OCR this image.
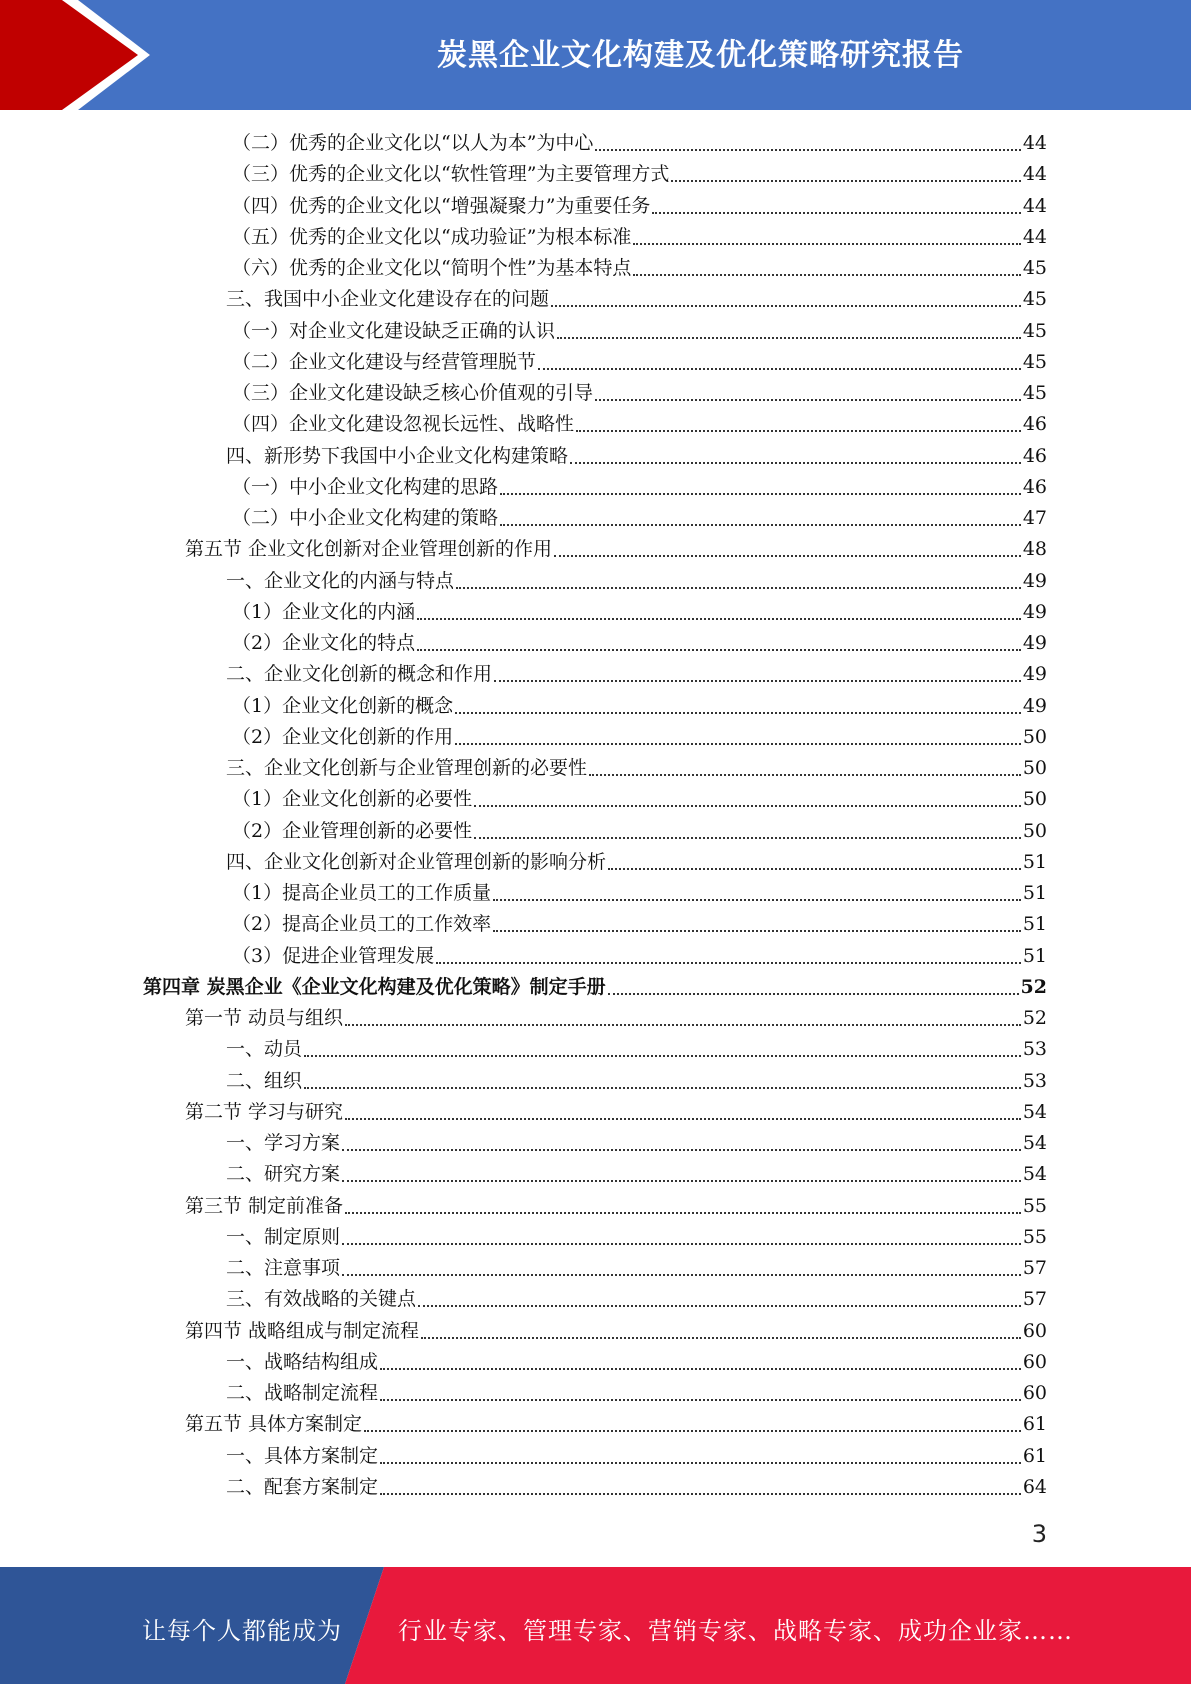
炭黑企业文化构建及优化策略研究报告
（二）优秀的企业文化以“以人为本”为中心	44
（三）优秀的企业文化以“软性管理”为主要管理方式	44
（四）优秀的企业文化以“增强凝聚力”为重要任务	44
（五）优秀的企业文化以“成功验证”为根本标准	44
（六）优秀的企业文化以“简明个性”为基本特点	45
三、我国中小企业文化建设存在的问题	45
（一）对企业文化建设缺乏正确的认识	45
（二）企业文化建设与经营管理脱节	45
（三）企业文化建设缺乏核心价值观的引导	45
（四）企业文化建设忽视长远性、战略性	46
四、新形势下我国中小企业文化构建策略	46
（一）中小企业文化构建的思路	46
（二）中小企业文化构建的策略	47
第五节 企业文化创新对企业管理创新的作用	48
一、企业文化的内涵与特点	49
（1）企业文化的内涵	49
（2）企业文化的特点	49
二、企业文化创新的概念和作用	49
（1）企业文化创新的概念	49
（2）企业文化创新的作用	50
三、企业文化创新与企业管理创新的必要性	50
（1）企业文化创新的必要性	50
（2）企业管理创新的必要性	50
四、企业文化创新对企业管理创新的影响分析	51
（1）提高企业员工的工作质量	51
（2）提高企业员工的工作效率	51
（3）促进企业管理发展	51
第四章 炭黑企业《企业文化构建及优化策略》制定手册	52
第一节 动员与组织	52
一、动员	53
二、组织	53
第二节 学习与研究	54
一、学习方案	54
二、研究方案	54
第三节 制定前准备	55
一、制定原则	55
二、注意事项	57
三、有效战略的关键点	57
第四节 战略组成与制定流程	60
一、战略结构组成	60
二、战略制定流程	60
第五节 具体方案制定	61
一、具体方案制定	61
二、配套方案制定	64
3
让每个人都能成为 行业专家、管理专家、营销专家、战略专家、成功企业家……
